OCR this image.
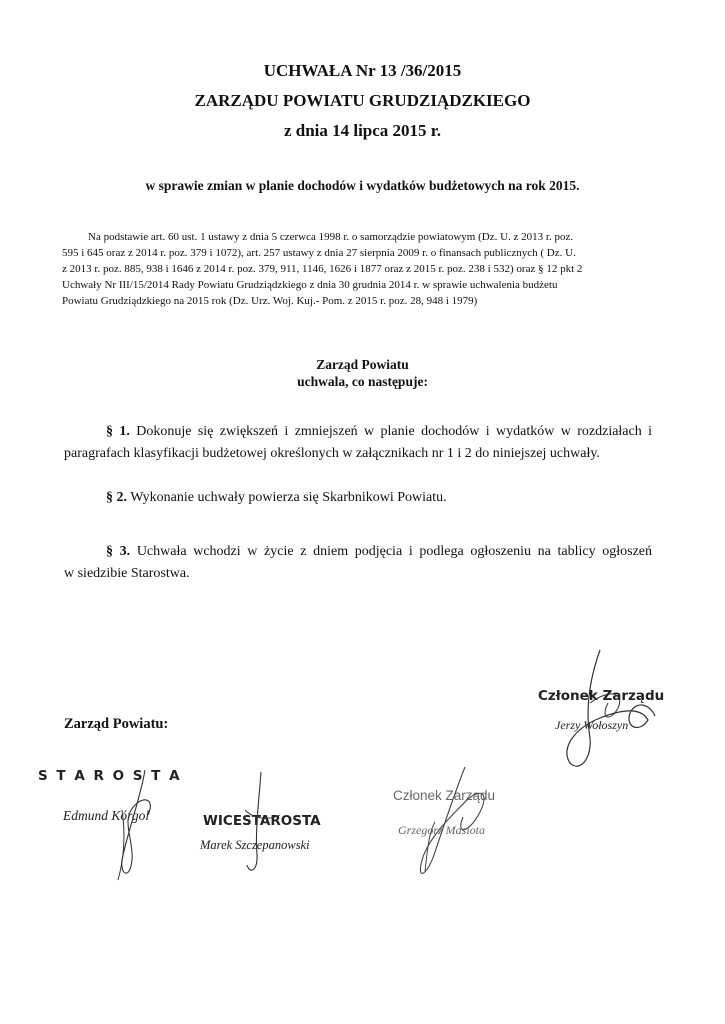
UCHWAŁA Nr 13 /36/2015
ZARZĄDU POWIATU GRUDZIĄDZKIEGO
z dnia 14 lipca 2015 r.
w sprawie zmian w planie dochodów i wydatków budżetowych na rok 2015.
Na podstawie art. 60 ust. 1 ustawy z dnia 5 czerwca 1998 r. o samorządzie powiatowym (Dz. U. z 2013 r. poz.
595 i 645 oraz z 2014 r. poz. 379 i 1072), art. 257 ustawy z dnia 27 sierpnia 2009 r. o finansach publicznych ( Dz. U.
z 2013 r. poz. 885, 938 i 1646 z 2014 r. poz. 379, 911, 1146, 1626 i 1877 oraz z 2015 r. poz. 238 i 532) oraz § 12 pkt 2
Uchwały Nr III/15/2014 Rady Powiatu Grudziądzkiego z dnia 30 grudnia 2014 r. w sprawie uchwalenia budżetu
Powiatu Grudziądzkiego na 2015 rok (Dz. Urz. Woj. Kuj.- Pom. z 2015 r. poz. 28, 948 i 1979)
Zarząd Powiatu
uchwala, co następuje:
§ 1. Dokonuje się zwiększeń i zmniejszeń w planie dochodów i wydatków w rozdziałach i
paragrafach klasyfikacji budżetowej określonych w załącznikach nr 1 i 2 do niniejszej uchwały.
§ 2. Wykonanie uchwały powierza się Skarbnikowi Powiatu.
§ 3. Uchwała wchodzi w życie z dniem podjęcia i podlega ogłoszeniu na tablicy ogłoszeń
w siedzibie Starostwa.
Zarząd Powiatu:
Członek Zarządu
Jerzy Wołoszyn
S T A R O S T A
Edmund Kórgol	WICESTAROSTA
Marek Szczepanowski
Członek Zarządu
Grzegorz Masiota
